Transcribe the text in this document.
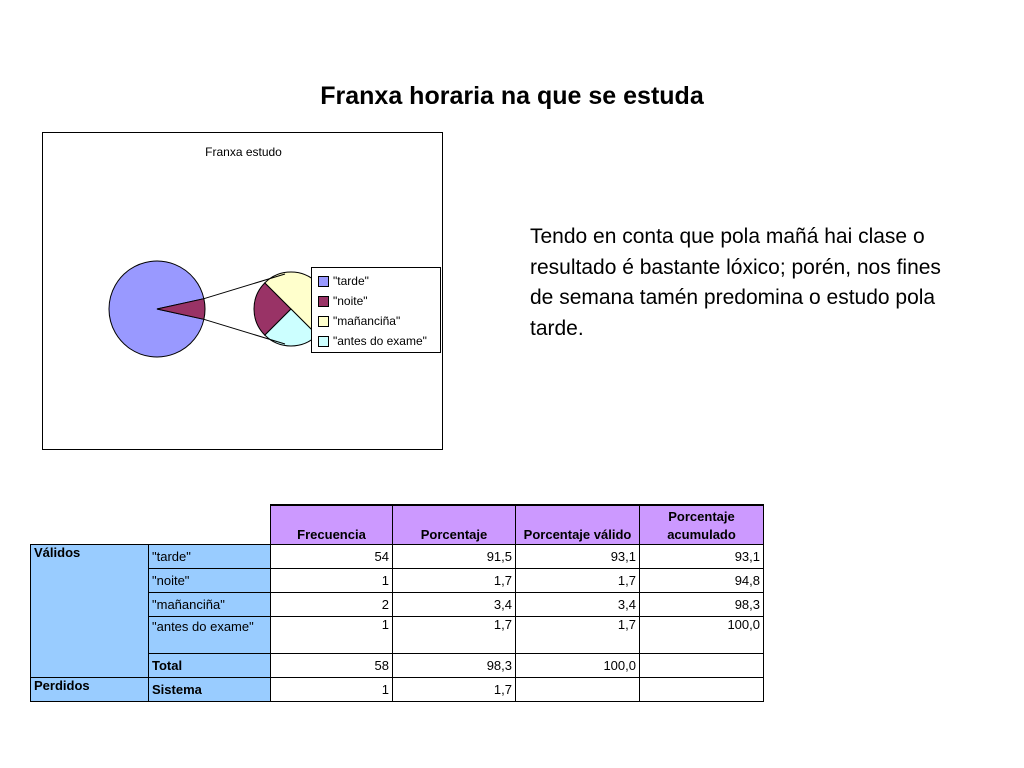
Franxa horaria na que se estuda
Franxa estudo
"tarde"
"noite"
"mañanciña"
"antes do exame"
Tendo en conta que pola mañá hai clase o resultado é bastante lóxico; porén, nos fines de semana tamén predomina o estudo pola tarde.
		Frecuencia	Porcentaje	Porcentaje válido	Porcentaje acumulado
Válidos	"tarde"	54	91,5	93,1	93,1
	"noite"	1	1,7	1,7	94,8
	"mañanciña"	2	3,4	3,4	98,3
	"antes do exame"	1	1,7	1,7	100,0
	Total	58	98,3	100,0	
Perdidos	Sistema	1	1,7		
